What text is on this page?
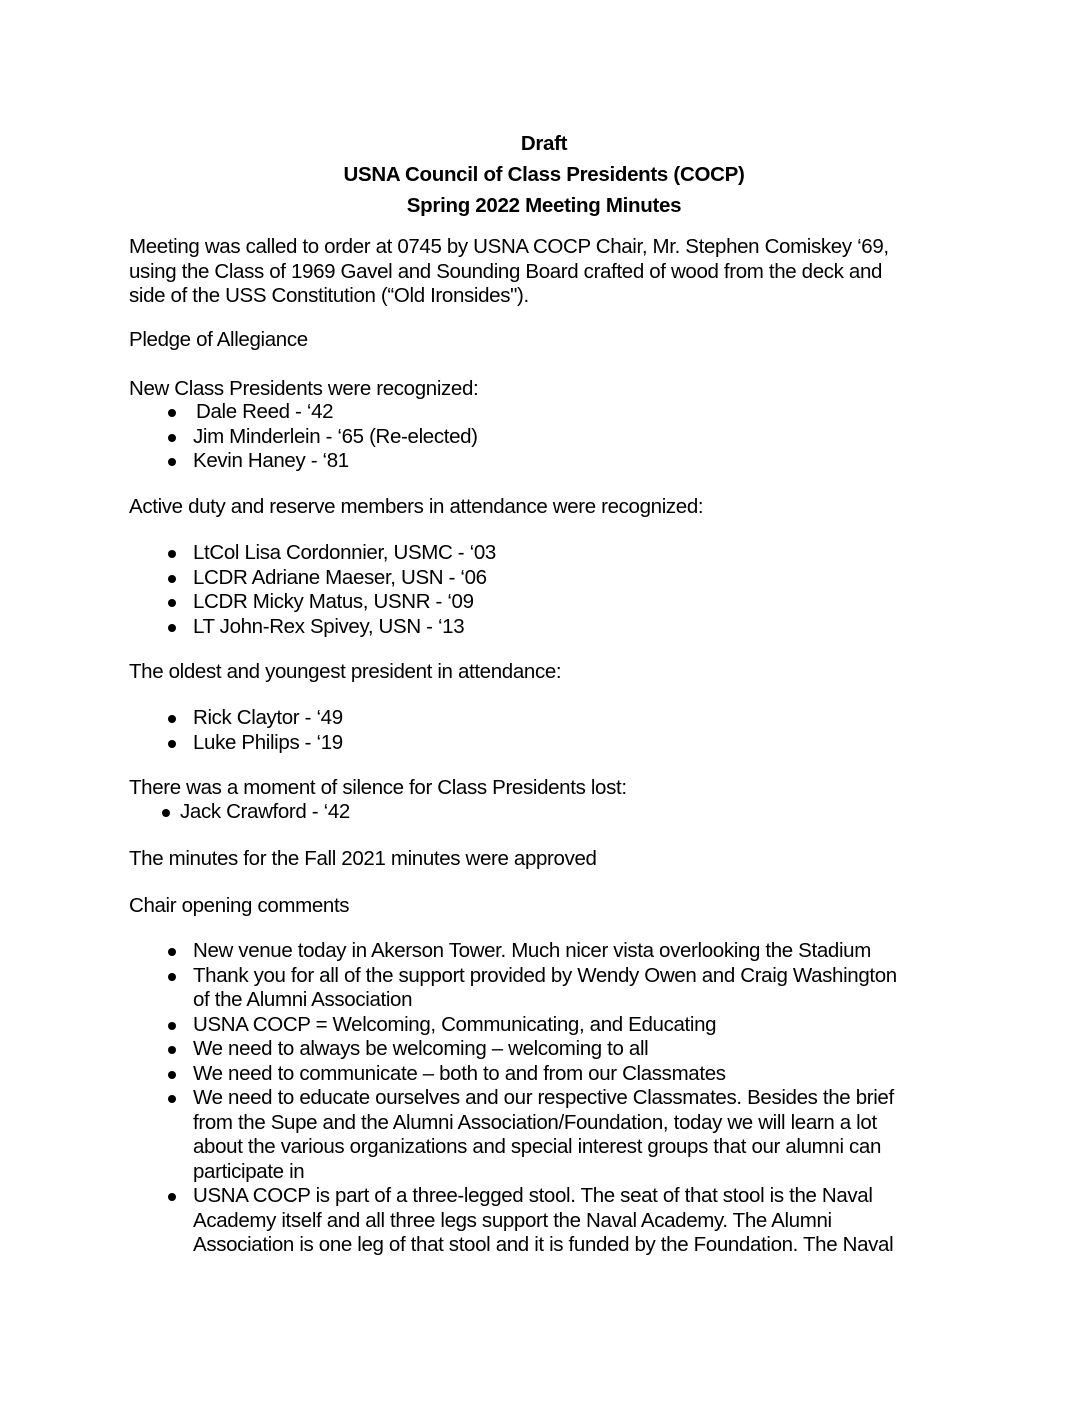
Draft
USNA Council of Class Presidents (COCP)
Spring 2022 Meeting Minutes
Meeting was called to order at 0745 by USNA COCP Chair, Mr. Stephen Comiskey ‘69,
using the Class of 1969 Gavel and Sounding Board crafted of wood from the deck and
side of the USS Constitution (“Old Ironsides").
Pledge of Allegiance
New Class Presidents were recognized:
Dale Reed - ‘42
Jim Minderlein - ‘65 (Re-elected)
Kevin Haney - ‘81
Active duty and reserve members in attendance were recognized:
LtCol Lisa Cordonnier, USMC - ‘03
LCDR Adriane Maeser, USN - ‘06
LCDR Micky Matus, USNR - ‘09
LT John-Rex Spivey, USN - ‘13
The oldest and youngest president in attendance:
Rick Claytor - ‘49
Luke Philips - ‘19
There was a moment of silence for Class Presidents lost:
Jack Crawford - ‘42
The minutes for the Fall 2021 minutes were approved
Chair opening comments
New venue today in Akerson Tower. Much nicer vista overlooking the Stadium
Thank you for all of the support provided by Wendy Owen and Craig Washington
of the Alumni Association
USNA COCP = Welcoming, Communicating, and Educating
We need to always be welcoming – welcoming to all
We need to communicate – both to and from our Classmates
We need to educate ourselves and our respective Classmates. Besides the brief
from the Supe and the Alumni Association/Foundation, today we will learn a lot
about the various organizations and special interest groups that our alumni can
participate in
USNA COCP is part of a three-legged stool. The seat of that stool is the Naval
Academy itself and all three legs support the Naval Academy. The Alumni
Association is one leg of that stool and it is funded by the Foundation. The Naval
